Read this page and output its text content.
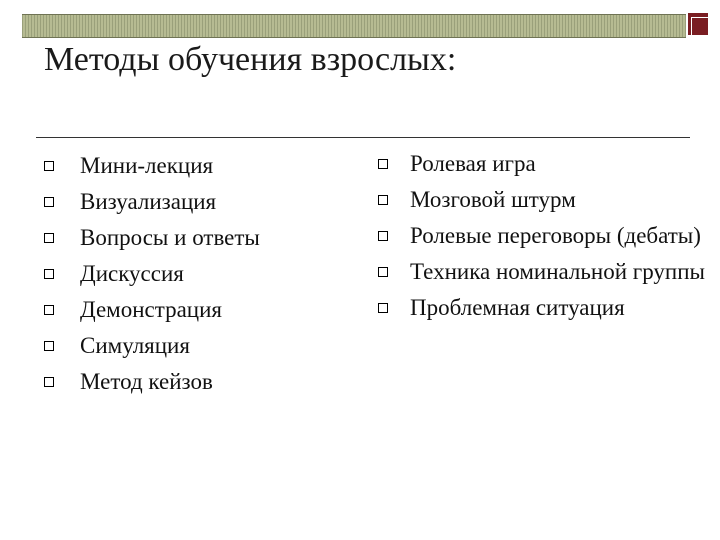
Методы обучения взрослых:
Мини-лекция
Визуализация
Вопросы и ответы
Дискуссия
Демонстрация
Симуляция
Метод кейзов
Ролевая игра
Мозговой штурм
Ролевые переговоры (дебаты)
Техника номинальной группы
Проблемная ситуация
